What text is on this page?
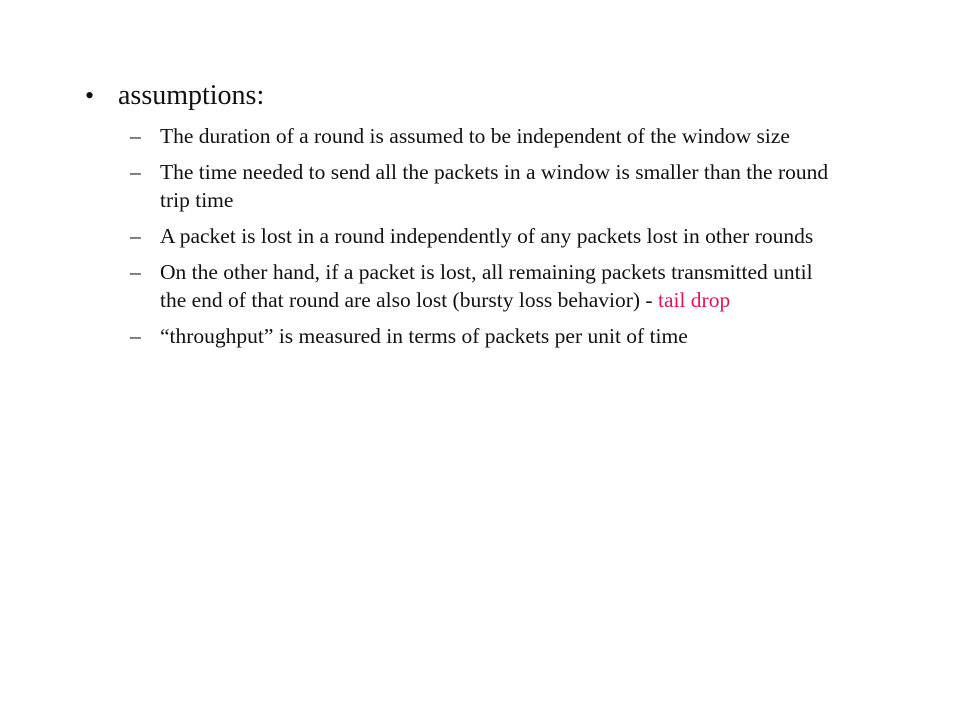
• assumptions:
– The duration of a round is assumed to be independent of the window size
– The time needed to send all the packets in a window is smaller than the round trip time
– A packet is lost in a round independently of any packets lost in other rounds
– On the other hand, if a packet is lost, all remaining packets transmitted until the end of that round are also lost (bursty loss behavior) - tail drop
– “throughput” is measured in terms of packets per unit of time
